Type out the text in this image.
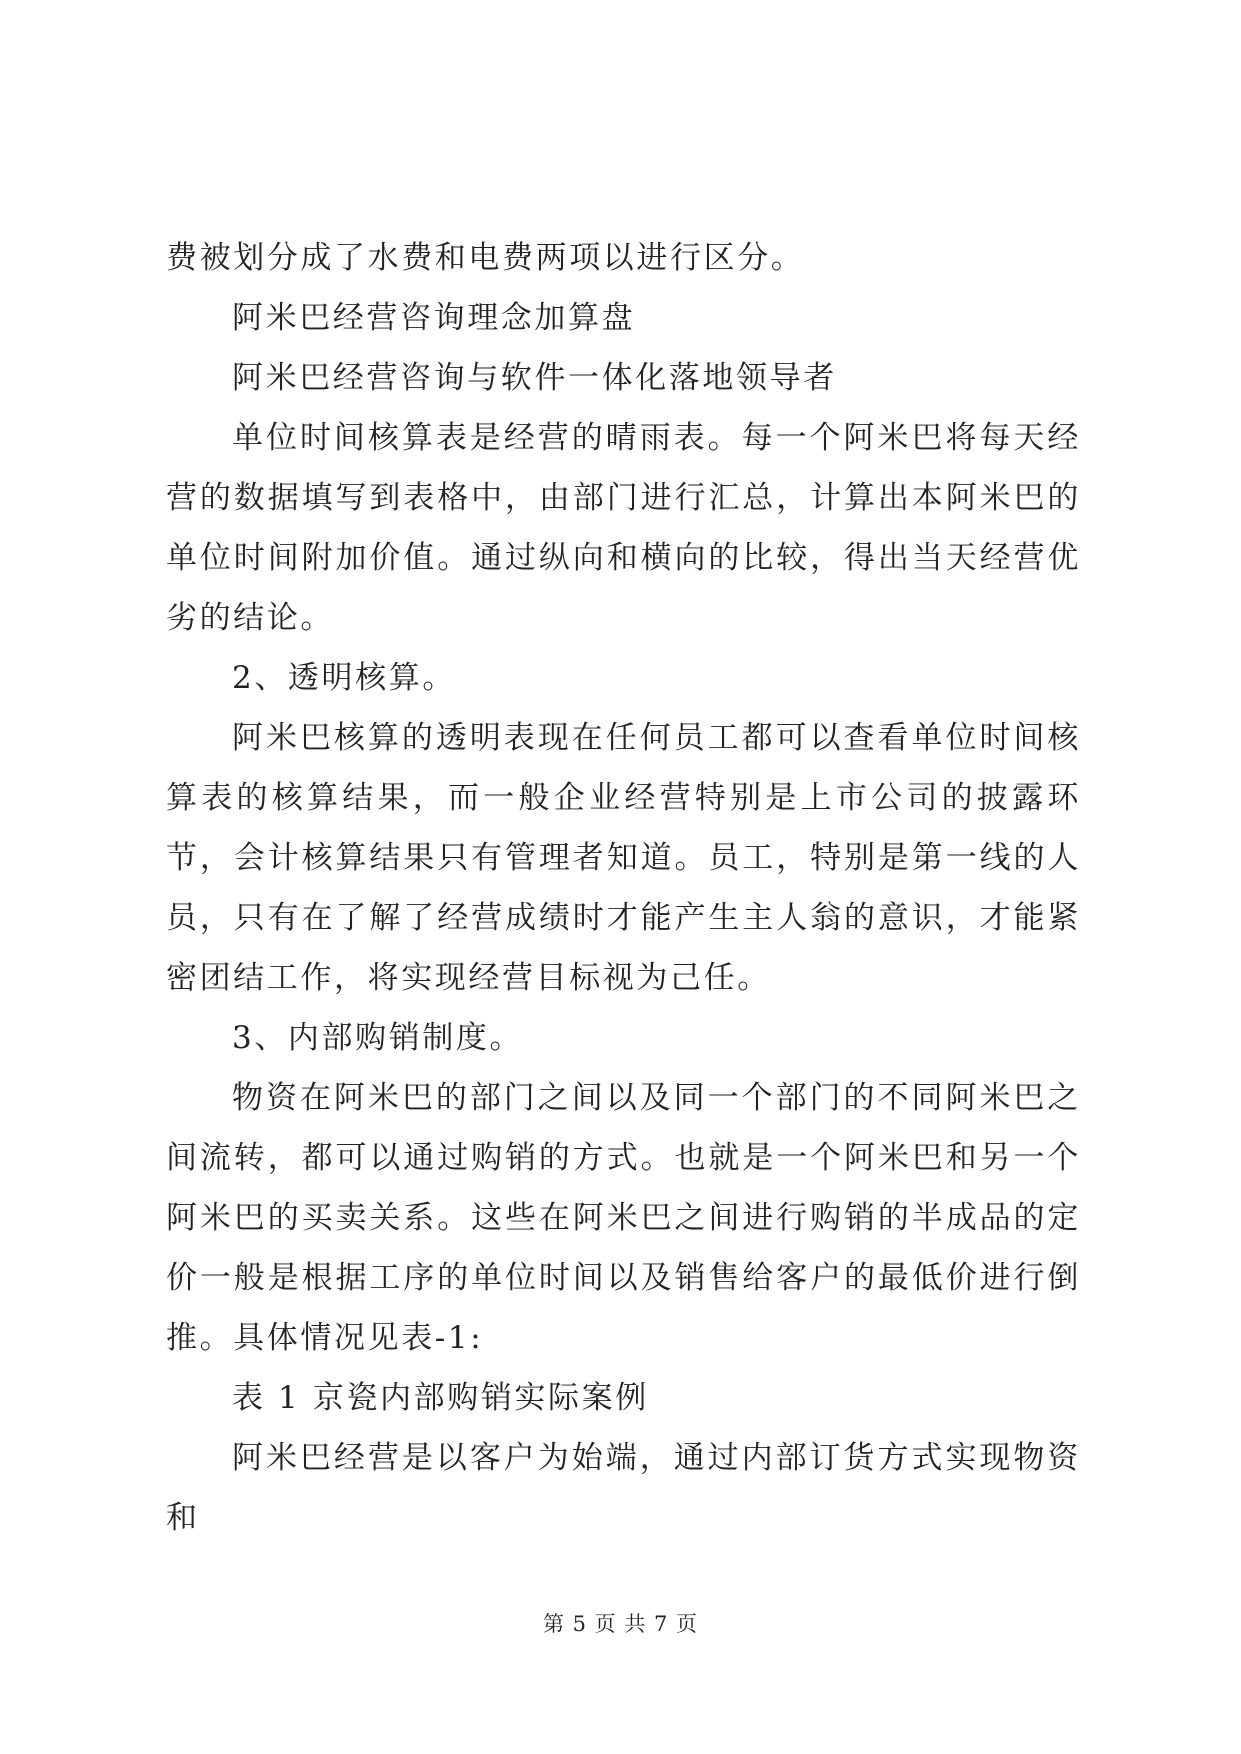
费被划分成了水费和电费两项以进行区分。

阿米巴经营咨询理念加算盘

阿米巴经营咨询与软件一体化落地领导者

单位时间核算表是经营的晴雨表。每一个阿米巴将每天经营的数据填写到表格中，由部门进行汇总，计算出本阿米巴的单位时间附加价值。通过纵向和横向的比较，得出当天经营优劣的结论。

2、透明核算。

阿米巴核算的透明表现在任何员工都可以查看单位时间核算表的核算结果，而一般企业经营特别是上市公司的披露环节，会计核算结果只有管理者知道。员工，特别是第一线的人员，只有在了解了经营成绩时才能产生主人翁的意识，才能紧密团结工作，将实现经营目标视为己任。

3、内部购销制度。

物资在阿米巴的部门之间以及同一个部门的不同阿米巴之间流转，都可以通过购销的方式。也就是一个阿米巴和另一个阿米巴的买卖关系。这些在阿米巴之间进行购销的半成品的定价一般是根据工序的单位时间以及销售给客户的最低价进行倒推。具体情况见表-1:

表 1 京瓷内部购销实际案例

阿米巴经营是以客户为始端，通过内部订货方式实现物资和

第 5 页 共 7 页
